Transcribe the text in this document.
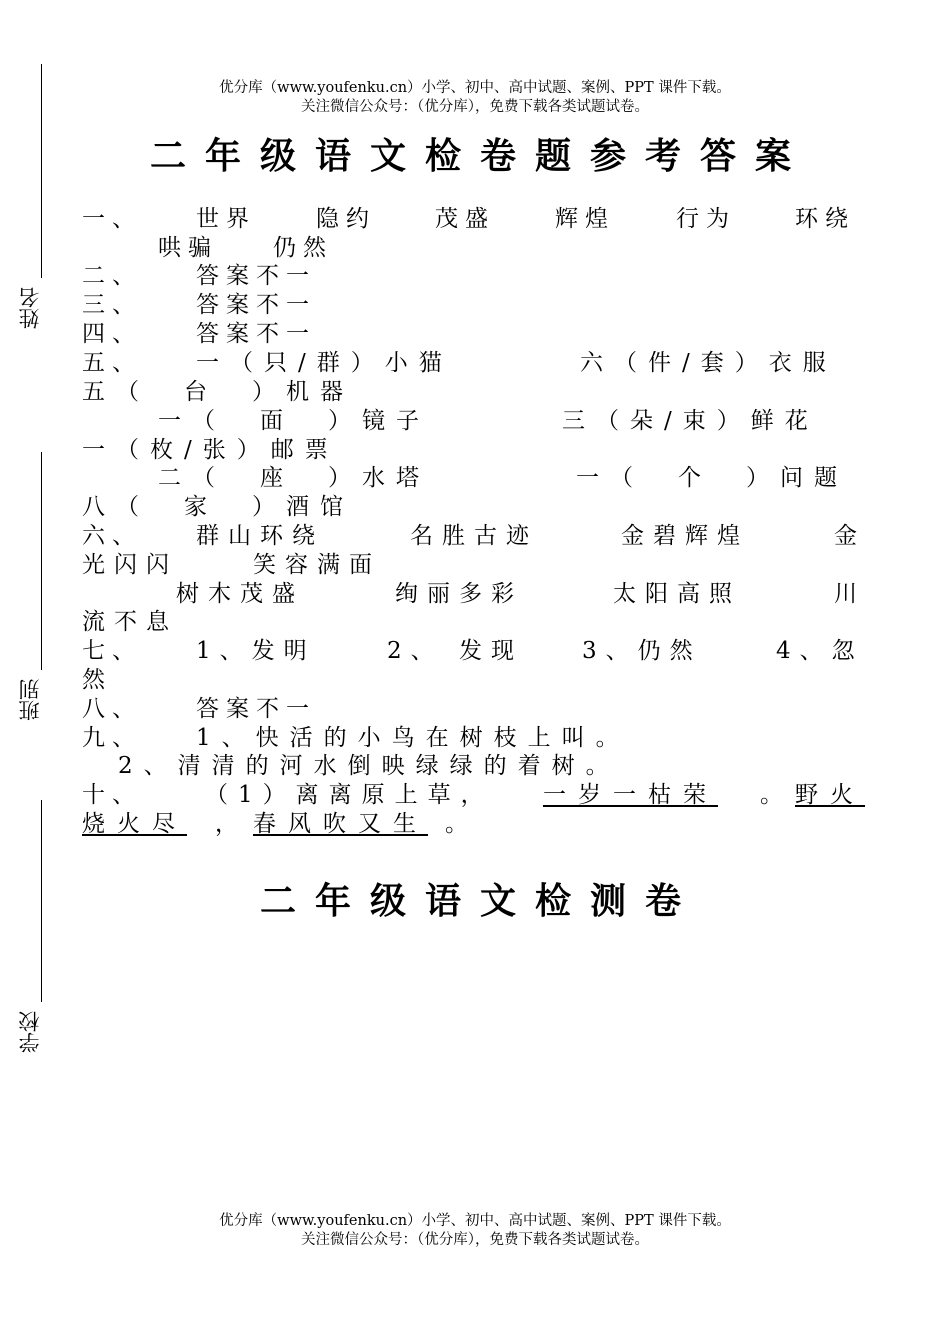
姓名
班别
学校
优分库（www.youfenku.cn）小学、初中、高中试题、案例、PPT 课件下载。
关注微信公众号：（优分库），免费下载各类试题试卷。
二年级语文检卷题参考答案
一、 世界	隐约	茂盛	辉煌	行为	环绕
哄骗 仍然
二、 答案不一
三、 答案不一
四、 答案不一
五、 一（只/群）小猫	六（件/套）衣服
五（　台　）机器
一（　面　）镜子	三（朵/束）鲜花
一（枚/张）邮票
二（　座　）水塔	一（　个　）问题
八（　家　）酒馆
六、 群山环绕	名胜古迹	金碧辉煌	金
光闪闪	笑容满面
树木茂盛	绚丽多彩	太阳高照	川
流不息
七、 1、发明	2、 发现	3、仍然	4、忽
然
八、 答案不一
九、 1、快活的小鸟在树枝上叫。
2、清清的河水倒映绿绿的着树。
十、	（1）离离原上草， 一岁一枯荣 。 野火
烧火尽 ， 春风吹又生 。
二年级语文检测卷
优分库（www.youfenku.cn）小学、初中、高中试题、案例、PPT 课件下载。
关注微信公众号：（优分库），免费下载各类试题试卷。
